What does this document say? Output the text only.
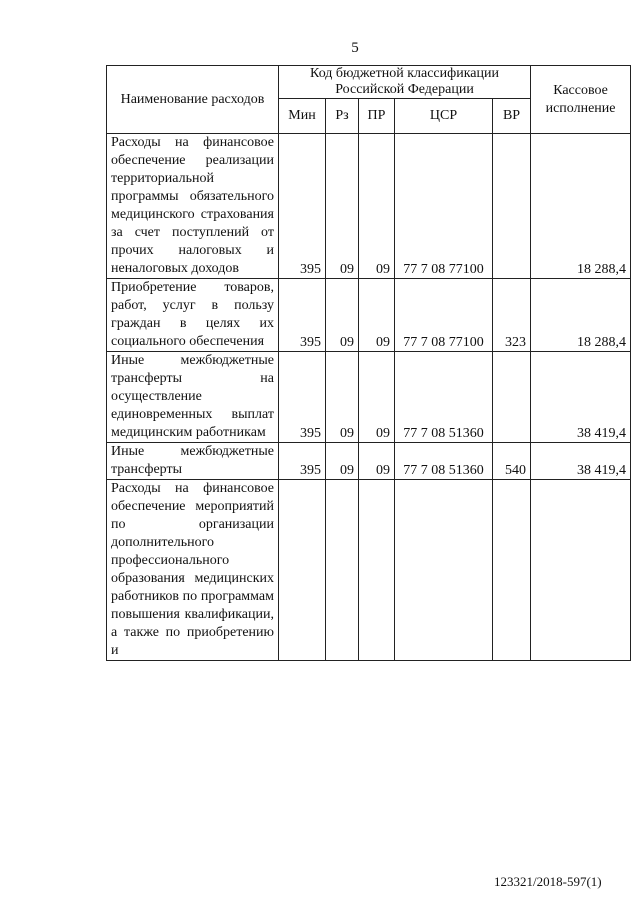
5
Наименование расходов	Код бюджетной классификации Российской Федерации					Кассовое исполнение
	Мин	Рз	ПР	ЦСР	ВР	
Расходы на финансовое обеспечение реализации территориальной программы обязательного медицинского страхования за счет поступлений от прочих налоговых и неналоговых доходов	395	09	09	77 7 08 77100		18 288,4
Приобретение товаров, работ, услуг в пользу граждан в целях их социального обеспечения	395	09	09	77 7 08 77100	323	18 288,4
Иные межбюджетные трансферты на осуществление единовременных выплат медицинским работникам	395	09	09	77 7 08 51360		38 419,4
Иные межбюджетные трансферты	395	09	09	77 7 08 51360	540	38 419,4
Расходы на финансовое обеспечение мероприятий по организации дополнительного профессионального образования медицинских работников по программам повышения квалификации, а также по приобретению и						
123321/2018-597(1)
